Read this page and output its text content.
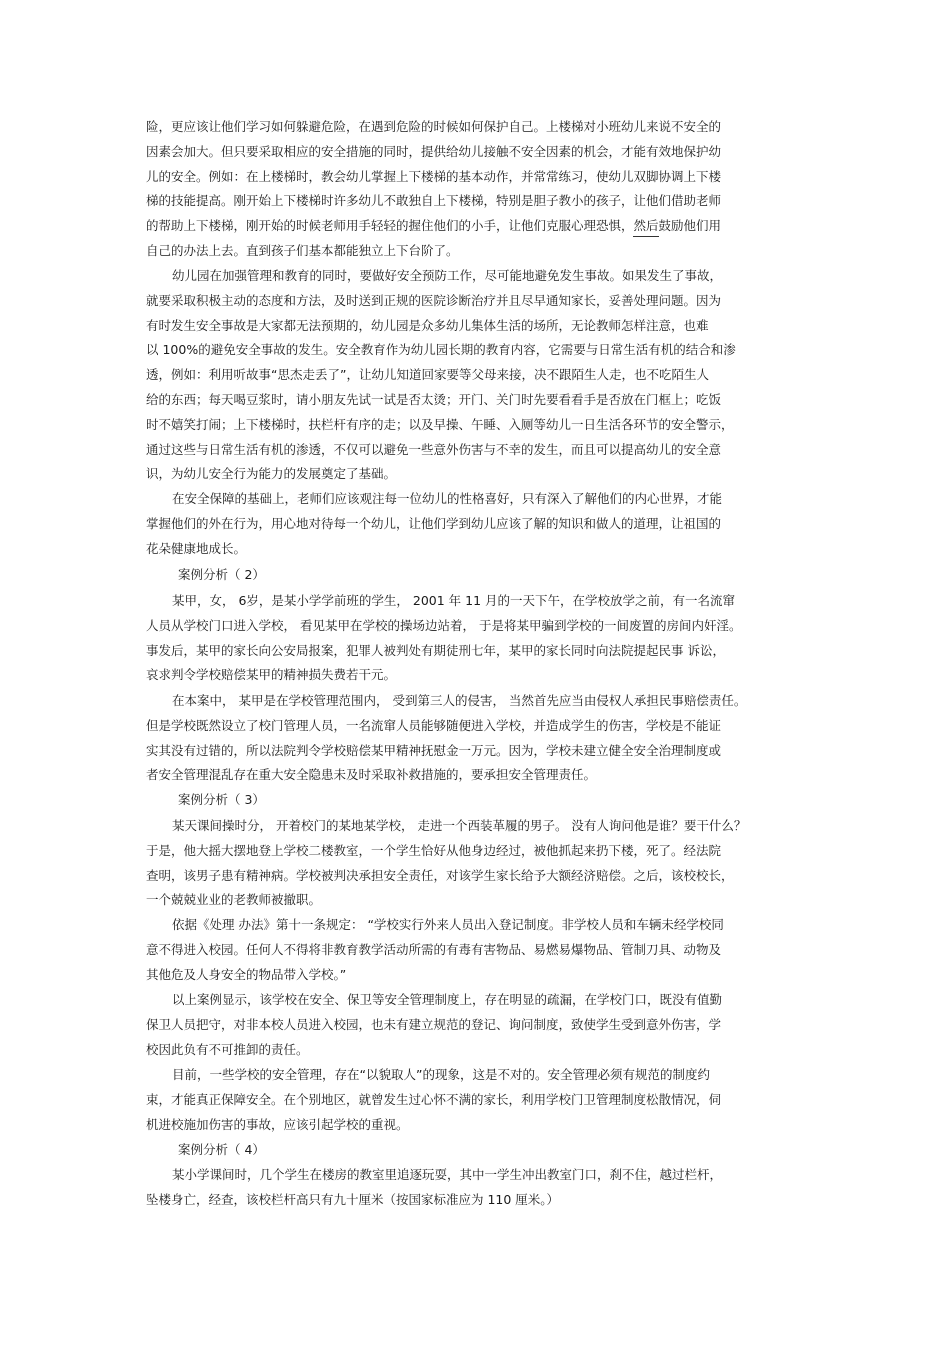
险，更应该让他们学习如何躲避危险，在遇到危险的时候如何保护自己。上楼梯对小班幼儿来说不安全的
因素会加大。但只要采取相应的安全措施的同时，提供给幼儿接触不安全因素的机会，才能有效地保护幼
儿的安全。例如：在上楼梯时，教会幼儿掌握上下楼梯的基本动作，并常常练习，使幼儿双脚协调上下楼
梯的技能提高。刚开始上下楼梯时许多幼儿不敢独自上下楼梯，特别是胆子教小的孩子，让他们借助老师
的帮助上下楼梯，刚开始的时候老师用手轻轻的握住他们的小手，让他们克服心理恐惧，然后鼓励他们用
自己的办法上去。直到孩子们基本都能独立上下台阶了。
幼儿园在加强管理和教育的同时，要做好安全预防工作，尽可能地避免发生事故。如果发生了事故，
就要采取积极主动的态度和方法，及时送到正规的医院诊断治疗并且尽早通知家长，妥善处理问题。因为
有时发生安全事故是大家都无法预期的，幼儿园是众多幼儿集体生活的场所，无论教师怎样注意，也难
以 100%的避免安全事故的发生。安全教育作为幼儿园长期的教育内容，它需要与日常生活有机的结合和渗
透，例如：利用听故事“思杰走丢了”，让幼儿知道回家要等父母来接，决不跟陌生人走，也不吃陌生人
给的东西；每天喝豆浆时，请小朋友先试一试是否太烫；开门、关门时先要看看手是否放在门框上；吃饭
时不嬉笑打闹；上下楼梯时，扶栏杆有序的走；以及早操、午睡、入厕等幼儿一日生活各环节的安全警示，
通过这些与日常生活有机的渗透，不仅可以避免一些意外伤害与不幸的发生，而且可以提高幼儿的安全意
识，为幼儿安全行为能力的发展奠定了基础。
在安全保障的基础上，老师们应该观注每一位幼儿的性格喜好，只有深入了解他们的内心世界，才能
掌握他们的外在行为，用心地对待每一个幼儿，让他们学到幼儿应该了解的知识和做人的道理，让祖国的
花朵健康地成长。
案例分析（ 2）
某甲，女， 6岁，是某小学学前班的学生， 2001 年 11 月的一天下午，在学校放学之前，有一名流窜
人员从学校门口进入学校， 看见某甲在学校的操场边站着， 于是将某甲骗到学校的一间废置的房间内奸淫。
事发后，某甲的家长向公安局报案，犯罪人被判处有期徒刑七年，某甲的家长同时向法院提起民事 诉讼，
哀求判令学校赔偿某甲的精神损失费若干元。
在本案中， 某甲是在学校管理范围内， 受到第三人的侵害， 当然首先应当由侵权人承担民事赔偿责任。
但是学校既然设立了校门管理人员，一名流窜人员能够随便进入学校，并造成学生的伤害，学校是不能证
实其没有过错的，所以法院判令学校赔偿某甲精神抚慰金一万元。因为，学校未建立健全安全治理制度或
者安全管理混乱存在重大安全隐患未及时采取补救措施的，要承担安全管理责任。
案例分析（ 3）
某天课间操时分， 开着校门的某地某学校， 走进一个西装革履的男子。 没有人询问他是谁？要干什么？
于是，他大摇大摆地登上学校二楼教室，一个学生恰好从他身边经过，被他抓起来扔下楼，死了。经法院
查明，该男子患有精神病。学校被判决承担安全责任，对该学生家长给予大额经济赔偿。之后，该校校长，
一个兢兢业业的老教师被撤职。
依据《处理 办法》第十一条规定： “学校实行外来人员出入登记制度。非学校人员和车辆未经学校同
意不得进入校园。任何人不得将非教育教学活动所需的有毒有害物品、易燃易爆物品、管制刀具、动物及
其他危及人身安全的物品带入学校。”
以上案例显示，该学校在安全、保卫等安全管理制度上，存在明显的疏漏，在学校门口，既没有值勤
保卫人员把守，对非本校人员进入校园，也未有建立规范的登记、询问制度，致使学生受到意外伤害，学
校因此负有不可推卸的责任。
目前，一些学校的安全管理，存在“以貌取人”的现象，这是不对的。安全管理必须有规范的制度约
束，才能真正保障安全。在个别地区，就曾发生过心怀不满的家长，利用学校门卫管理制度松散情况，伺
机进校施加伤害的事故，应该引起学校的重视。
案例分析（ 4）
某小学课间时，几个学生在楼房的教室里追逐玩耍，其中一学生冲出教室门口，刹不住，越过栏杆，
坠楼身亡，经查，该校栏杆高只有九十厘米（按国家标准应为 110 厘米。）
